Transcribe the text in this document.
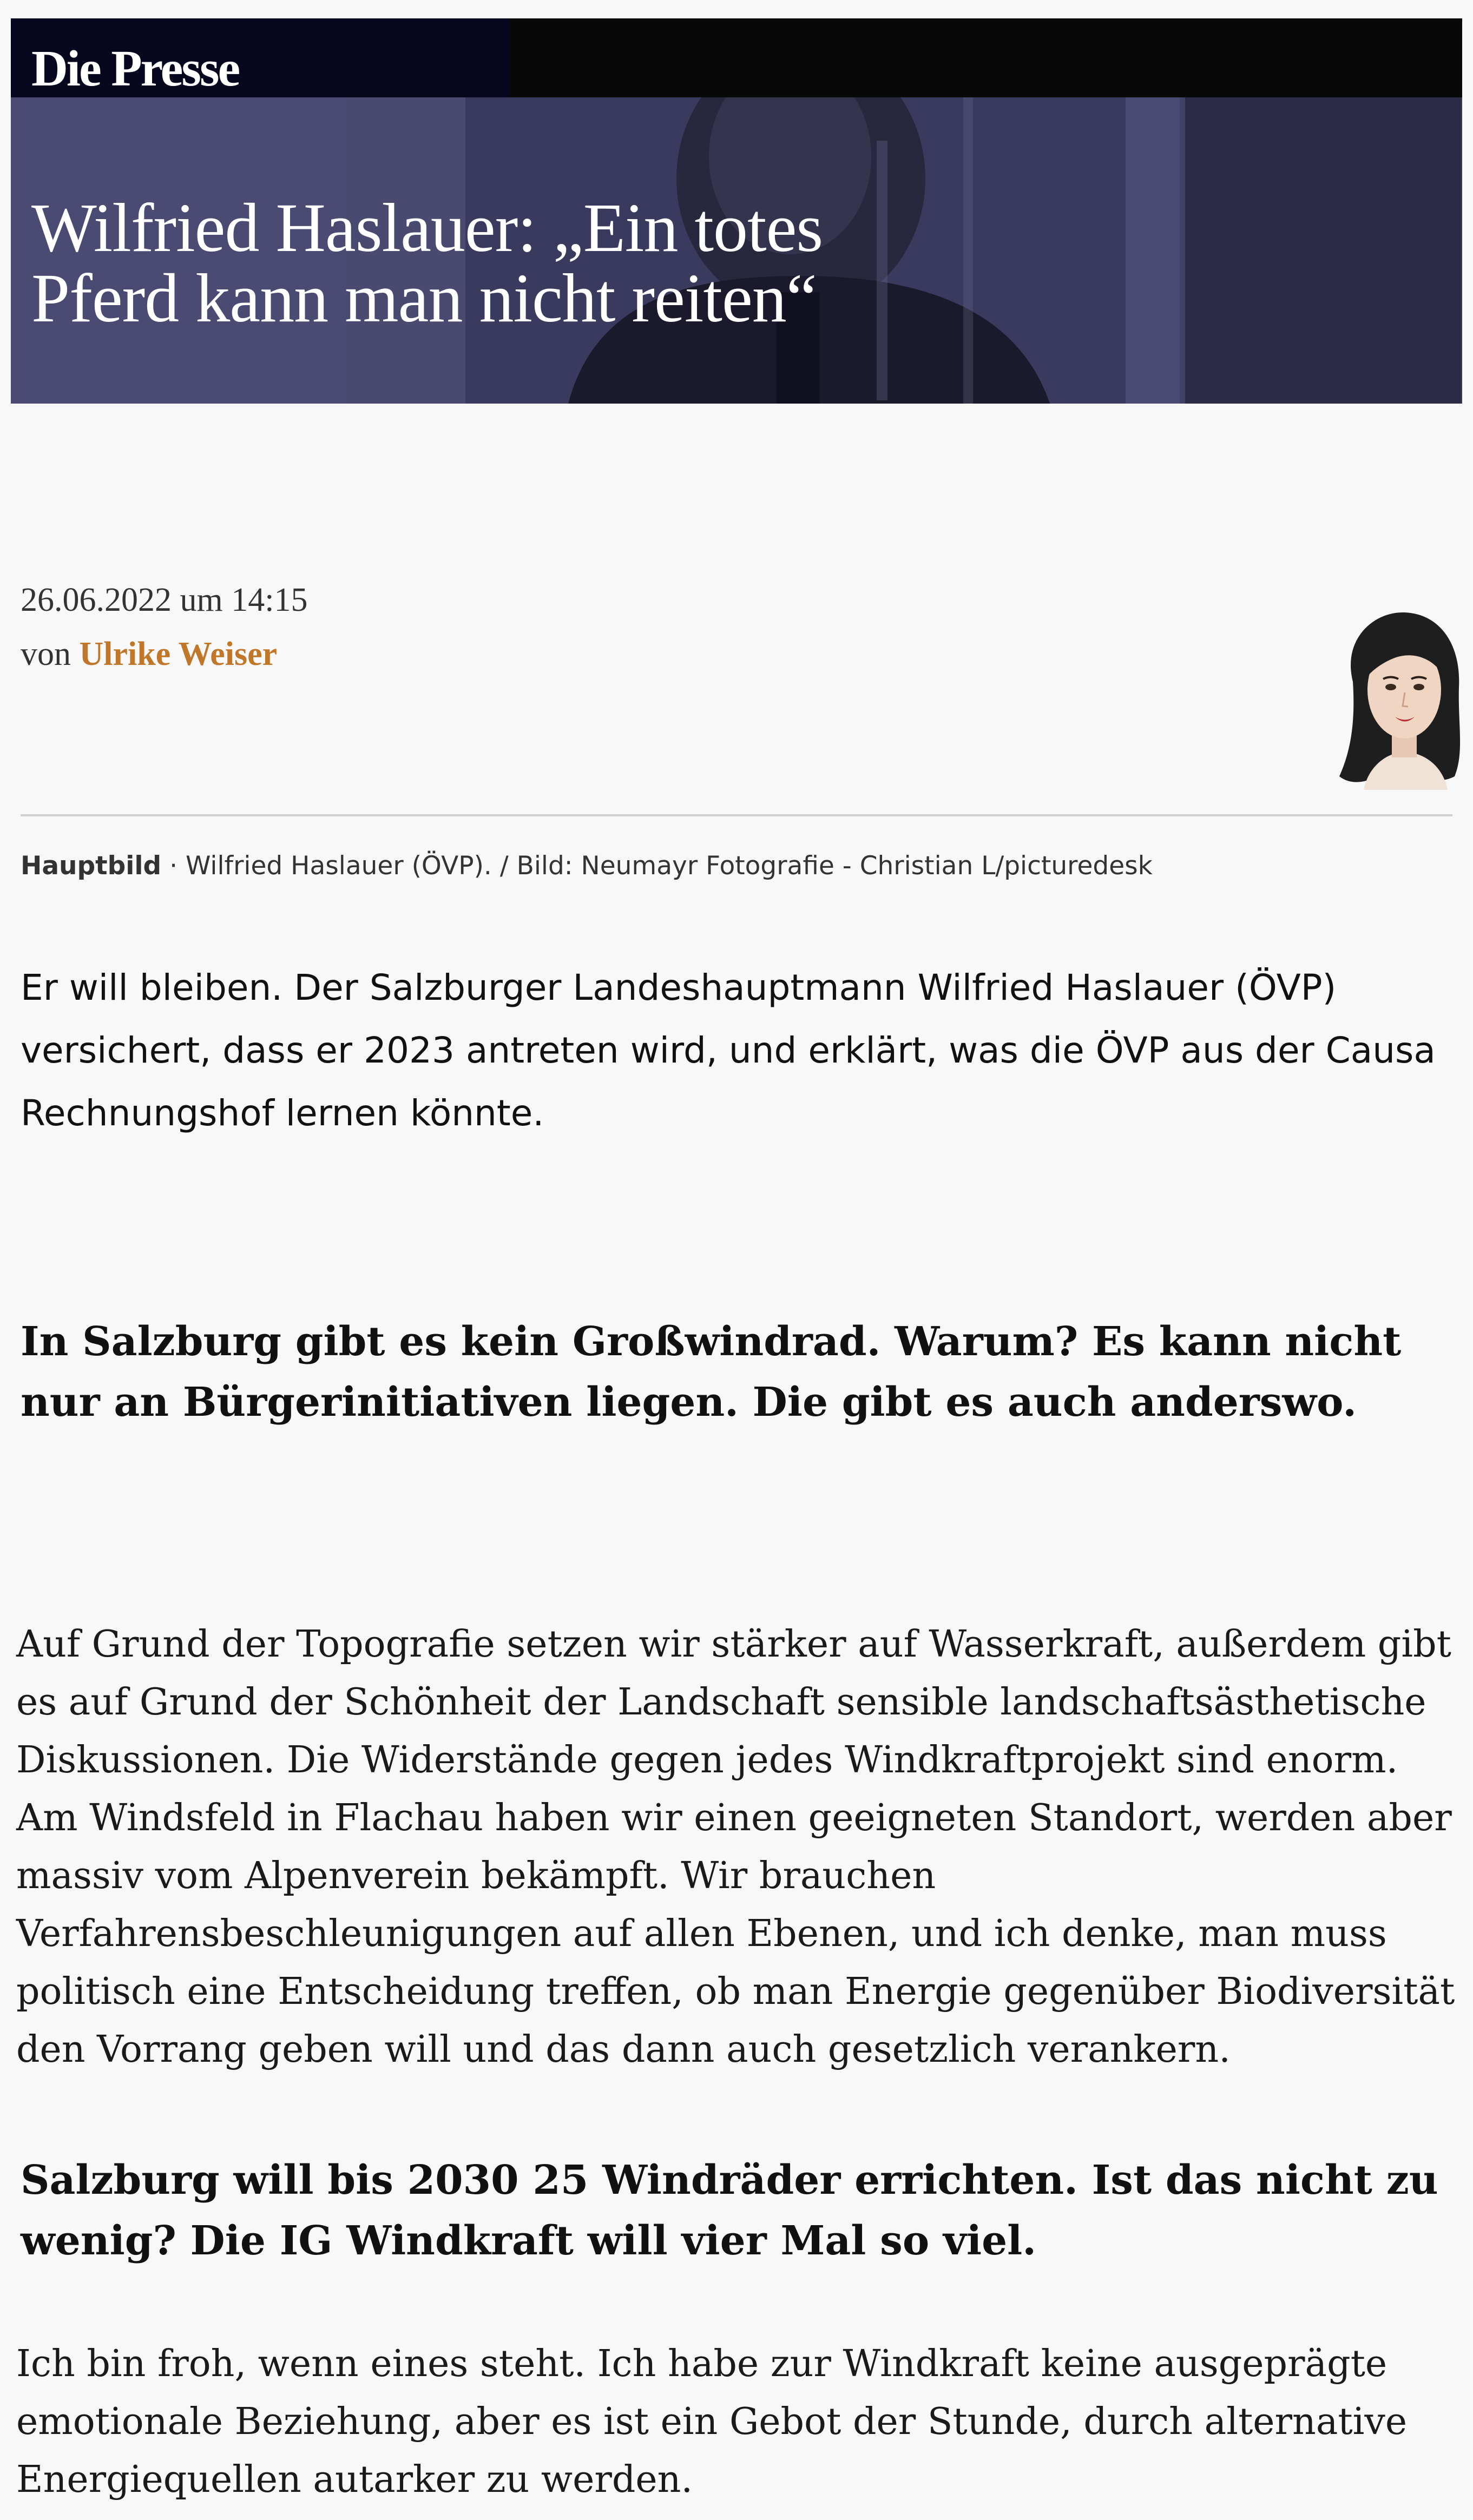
Die Presse
Wilfried Haslauer: „Ein totes Pferd kann man nicht reiten“
26.06.2022 um 14:15
von Ulrike Weiser
Hauptbild · Wilfried Haslauer (ÖVP). / Bild: Neumayr Fotografie - Christian L/picturedesk

Er will bleiben. Der Salzburger Landeshauptmann Wilfried Haslauer (ÖVP) versichert, dass er 2023 antreten wird, und erklärt, was die ÖVP aus der Causa Rechnungshof lernen könnte.

In Salzburg gibt es kein Großwindrad. Warum? Es kann nicht nur an Bürgerinitiativen liegen. Die gibt es auch anderswo.

Auf Grund der Topografie setzen wir stärker auf Wasserkraft, außerdem gibt es auf Grund der Schönheit der Landschaft sensible landschaftsästhetische Diskussionen. Die Widerstände gegen jedes Windkraftprojekt sind enorm. Am Windsfeld in Flachau haben wir einen geeigneten Standort, werden aber massiv vom Alpenverein bekämpft. Wir brauchen Verfahrensbeschleunigungen auf allen Ebenen, und ich denke, man muss politisch eine Entscheidung treffen, ob man Energie gegenüber Biodiversität den Vorrang geben will und das dann auch gesetzlich verankern.

Salzburg will bis 2030 25 Windräder errichten. Ist das nicht zu wenig? Die IG Windkraft will vier Mal so viel.

Ich bin froh, wenn eines steht. Ich habe zur Windkraft keine ausgeprägte emotionale Beziehung, aber es ist ein Gebot der Stunde, durch alternative Energiequellen autarker zu werden.
